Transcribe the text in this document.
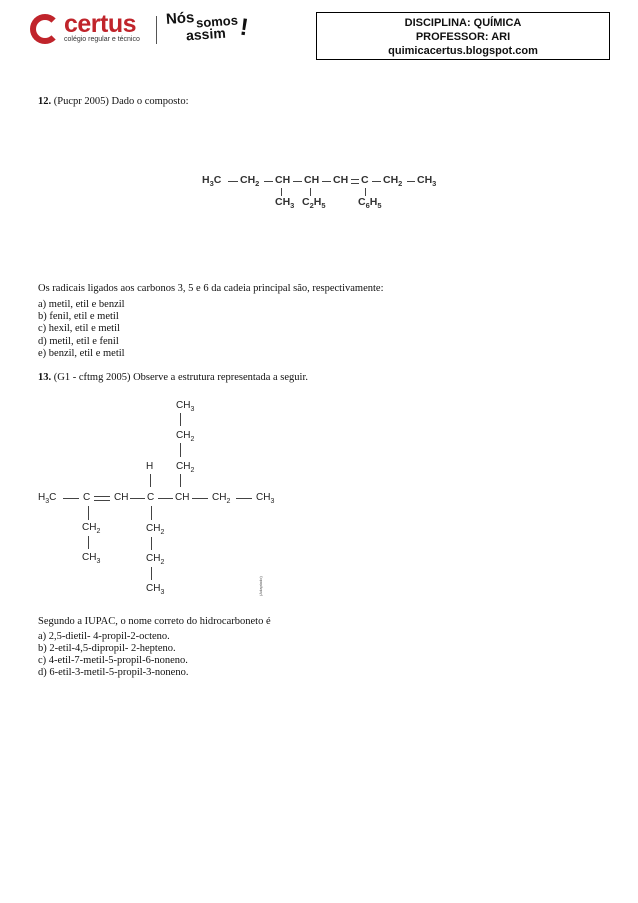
certus
colégio regular e técnico
Nós somos
assim !	DISCIPLINA: QUÍMICA
PROFESSOR: ARI
quimicacertus.blogspot.com
12. (Pucpr 2005) Dado o composto:
$H_3C$ $CH_2$ CH CH CH C $CH_2$ $CH_3$
$CH_3$ $C_2H_5$	$C_6H_5$
Os radicais ligados aos carbonos 3, 5 e 6 da cadeia principal são, respectivamente:
a) metil, etil e benzil
b) fenil, etil e metil
c) hexil, etil e metil
d) metil, etil e fenil
e) benzil, etil e metil
13. (G1 - cftmg 2005) Observe a estrutura representada a seguir.
$CH_3$
$CH_2$
H $CH_2$
$H_3C$	C CH C CH $CH_2$	$CH_3$
$CH_2$	$CH_2$
$CH_3$	$CH_2$
$CH_3$	(Adaptado)
Segundo a IUPAC, o nome correto do hidrocarboneto é
a) 2,5-dietil- 4-propil-2-octeno.
b) 2-etil-4,5-dipropil- 2-hepteno.
c) 4-etil-7-metil-5-propil-6-noneno.
d) 6-etil-3-metil-5-propil-3-noneno.
